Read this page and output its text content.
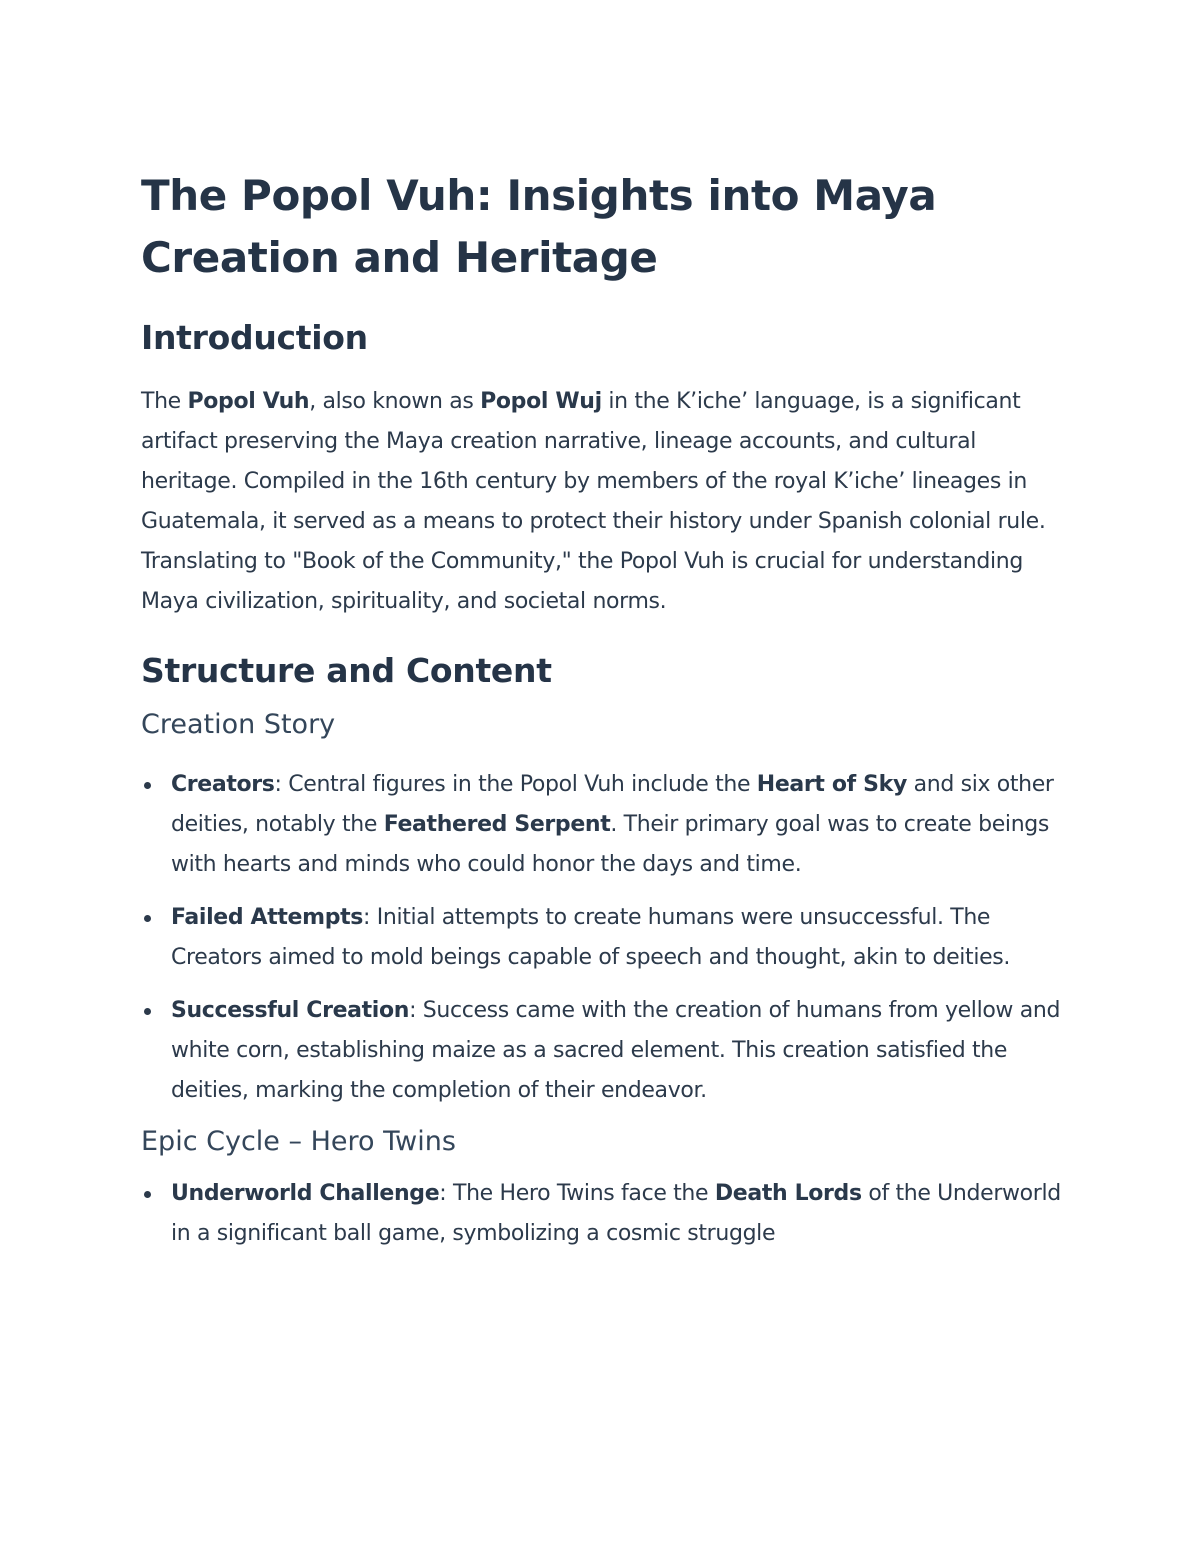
The Popol Vuh: Insights into Maya Creation and Heritage
Introduction

The Popol Vuh, also known as Popol Wuj in the K’iche’ language, is a significant artifact preserving the Maya creation narrative, lineage accounts, and cultural heritage. Compiled in the 16th century by members of the royal K’iche’ lineages in Guatemala, it served as a means to protect their history under Spanish colonial rule. Translating to "Book of the Community," the Popol Vuh is crucial for understanding Maya civilization, spirituality, and societal norms.

Structure and Content
Creation Story
Creators: Central figures in the Popol Vuh include the Heart of Sky and six other deities, notably the Feathered Serpent. Their primary goal was to create beings with hearts and minds who could honor the days and time.
Failed Attempts: Initial attempts to create humans were unsuccessful. The Creators aimed to mold beings capable of speech and thought, akin to deities.
Successful Creation: Success came with the creation of humans from yellow and white corn, establishing maize as a sacred element. This creation satisfied the deities, marking the completion of their endeavor.
Epic Cycle – Hero Twins
Underworld Challenge: The Hero Twins face the Death Lords of the Underworld in a significant ball game, symbolizing a cosmic struggle
